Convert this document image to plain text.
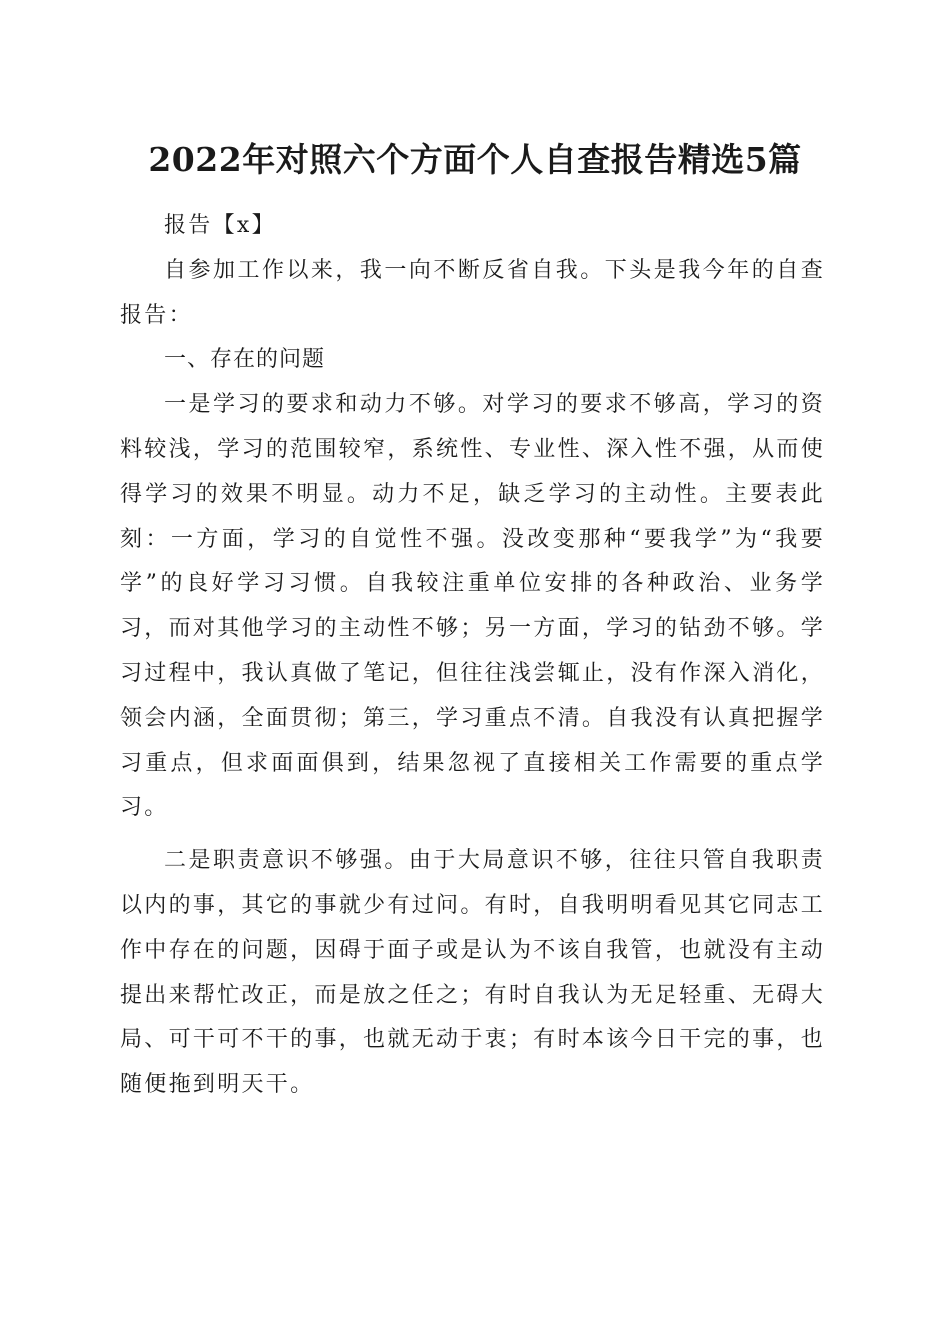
2022年对照六个方面个人自查报告精选5篇

报告【x】

自参加工作以来，我一向不断反省自我。下头是我今年的自查报告：

一、存在的问题

一是学习的要求和动力不够。对学习的要求不够高，学习的资料较浅，学习的范围较窄，系统性、专业性、深入性不强，从而使得学习的效果不明显。动力不足，缺乏学习的主动性。主要表此刻：一方面，学习的自觉性不强。没改变那种“要我学”为“我要学”的良好学习习惯。自我较注重单位安排的各种政治、业务学习，而对其他学习的主动性不够；另一方面，学习的钻劲不够。学习过程中，我认真做了笔记，但往往浅尝辄止，没有作深入消化，领会内涵，全面贯彻；第三，学习重点不清。自我没有认真把握学习重点，但求面面俱到，结果忽视了直接相关工作需要的重点学习。

二是职责意识不够强。由于大局意识不够，往往只管自我职责以内的事，其它的事就少有过问。有时，自我明明看见其它同志工作中存在的问题，因碍于面子或是认为不该自我管，也就没有主动提出来帮忙改正，而是放之任之；有时自我认为无足轻重、无碍大局、可干可不干的事，也就无动于衷；有时本该今日干完的事，也随便拖到明天干。
